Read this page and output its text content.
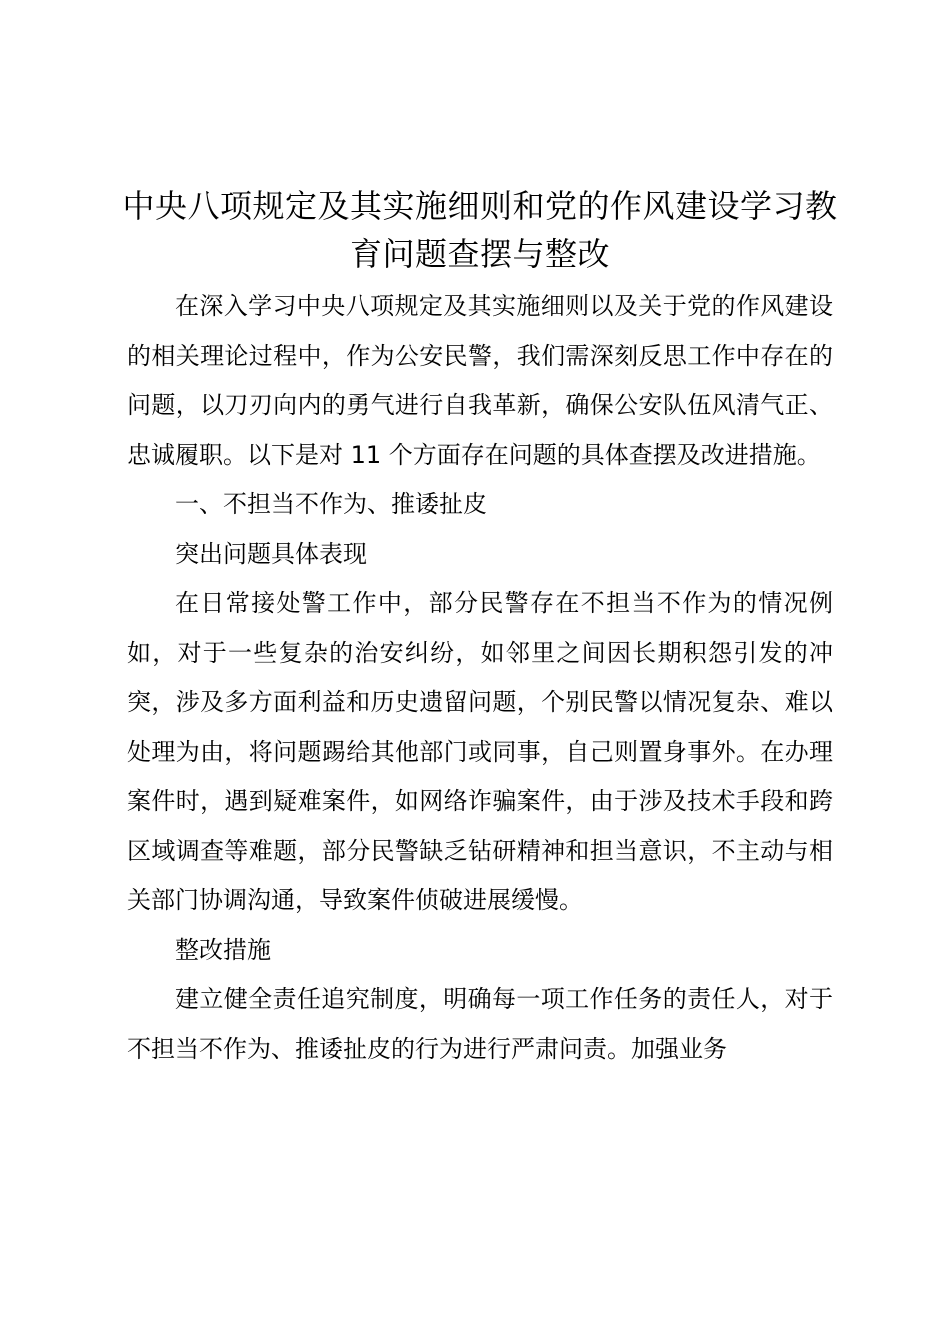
中央八项规定及其实施细则和党的作风建设学习教育问题查摆与整改

在深入学习中央八项规定及其实施细则以及关于党的作风建设的相关理论过程中，作为公安民警，我们需深刻反思工作中存在的问题，以刀刃向内的勇气进行自我革新，确保公安队伍风清气正、忠诚履职。以下是对 11 个方面存在问题的具体查摆及改进措施。

一、不担当不作为、推诿扯皮

突出问题具体表现

在日常接处警工作中，部分民警存在不担当不作为的情况例如，对于一些复杂的治安纠纷，如邻里之间因长期积怨引发的冲突，涉及多方面利益和历史遗留问题，个别民警以情况复杂、难以处理为由，将问题踢给其他部门或同事，自己则置身事外。在办理案件时，遇到疑难案件，如网络诈骗案件，由于涉及技术手段和跨区域调查等难题，部分民警缺乏钻研精神和担当意识，不主动与相关部门协调沟通，导致案件侦破进展缓慢。

整改措施

建立健全责任追究制度，明确每一项工作任务的责任人，对于不担当不作为、推诿扯皮的行为进行严肃问责。加强业务
